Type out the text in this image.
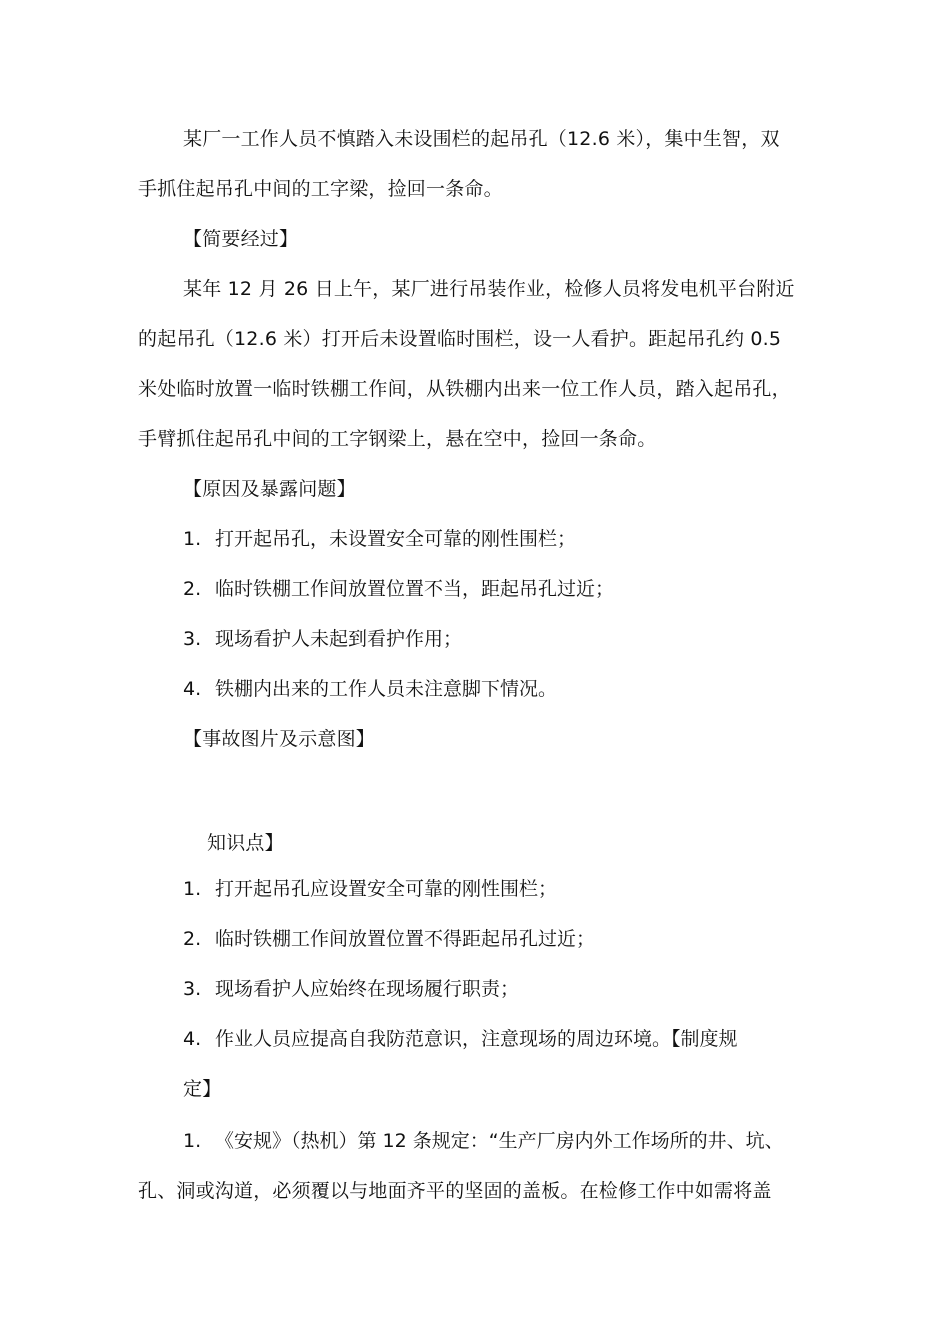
某厂一工作人员不慎踏入未设围栏的起吊孔（12.6 米），集中生智，双
手抓住起吊孔中间的工字梁，捡回一条命。
【简要经过】
某年 12 月 26 日上午，某厂进行吊装作业，检修人员将发电机平台附近
的起吊孔（12.6 米）打开后未设置临时围栏，设一人看护。距起吊孔约 0.5
米处临时放置一临时铁棚工作间，从铁棚内出来一位工作人员，踏入起吊孔，
手臂抓住起吊孔中间的工字钢梁上，悬在空中，捡回一条命。
【原因及暴露问题】
1. 打开起吊孔，未设置安全可靠的刚性围栏；
2. 临时铁棚工作间放置位置不当，距起吊孔过近；
3. 现场看护人未起到看护作用；
4. 铁棚内出来的工作人员未注意脚下情况。
【事故图片及示意图】
知识点】
1. 打开起吊孔应设置安全可靠的刚性围栏；
2. 临时铁棚工作间放置位置不得距起吊孔过近；
3. 现场看护人应始终在现场履行职责；
4. 作业人员应提高自我防范意识，注意现场的周边环境。【制度规
定】
1. 《安规》（热机）第 12 条规定：“生产厂房内外工作场所的井、坑、
孔、洞或沟道，必须覆以与地面齐平的坚固的盖板。在检修工作中如需将盖
